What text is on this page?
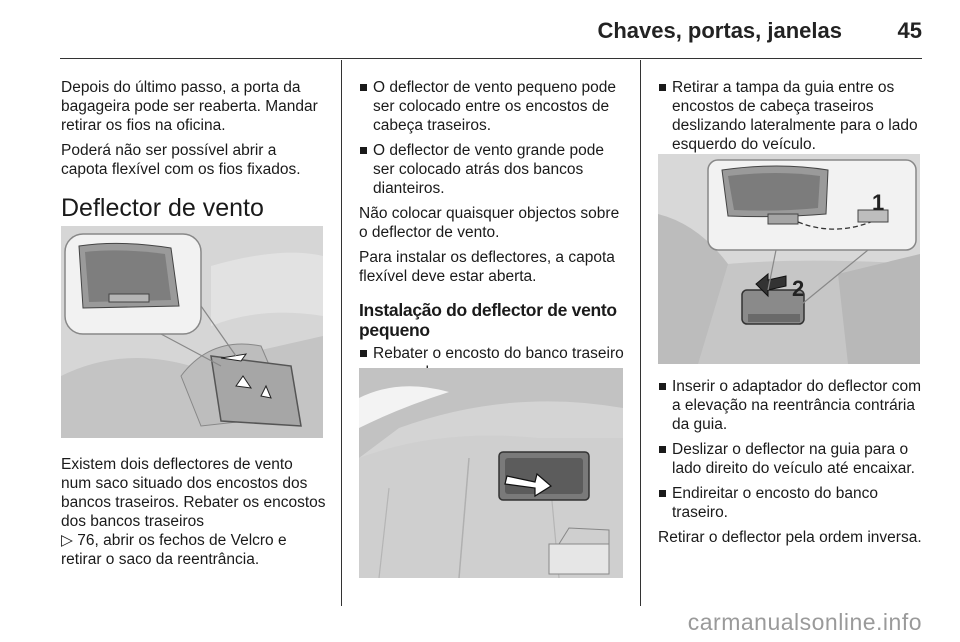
Chaves, portas, janelas	45

Depois do último passo, a porta da bagageira pode ser reaberta. Mandar retirar os fios na oficina.

Poderá não ser possível abrir a capota flexível com os fios fixados.

Deflector de vento

Existem dois deflectores de vento num saco situado dos encostos dos bancos traseiros. Rebater os encostos dos bancos traseiros
▷ 76, abrir os fechos de Velcro e retirar o saco da reentrância.

O deflector de vento pequeno pode ser colocado entre os encostos de cabeça traseiros.
O deflector de vento grande pode ser colocado atrás dos bancos dianteiros.

Não colocar quaisquer objectos sobre o deflector de vento.

Para instalar os deflectores, a capota flexível deve estar aberta.

Instalação do deflector de vento pequeno
Rebater o encosto do banco traseiro

Retirar a tampa da guia entre os encostos de cabeça traseiros deslizando lateralmente para o lado esquerdo do veículo.
2
1
Inserir o adaptador do deflector com a elevação na reentrância contrária da guia.
Deslizar o deflector na guia para o lado direito do veículo até encaixar.
Endireitar o encosto do banco traseiro.

Retirar o deflector pela ordem inversa.

carmanualsonline.info
